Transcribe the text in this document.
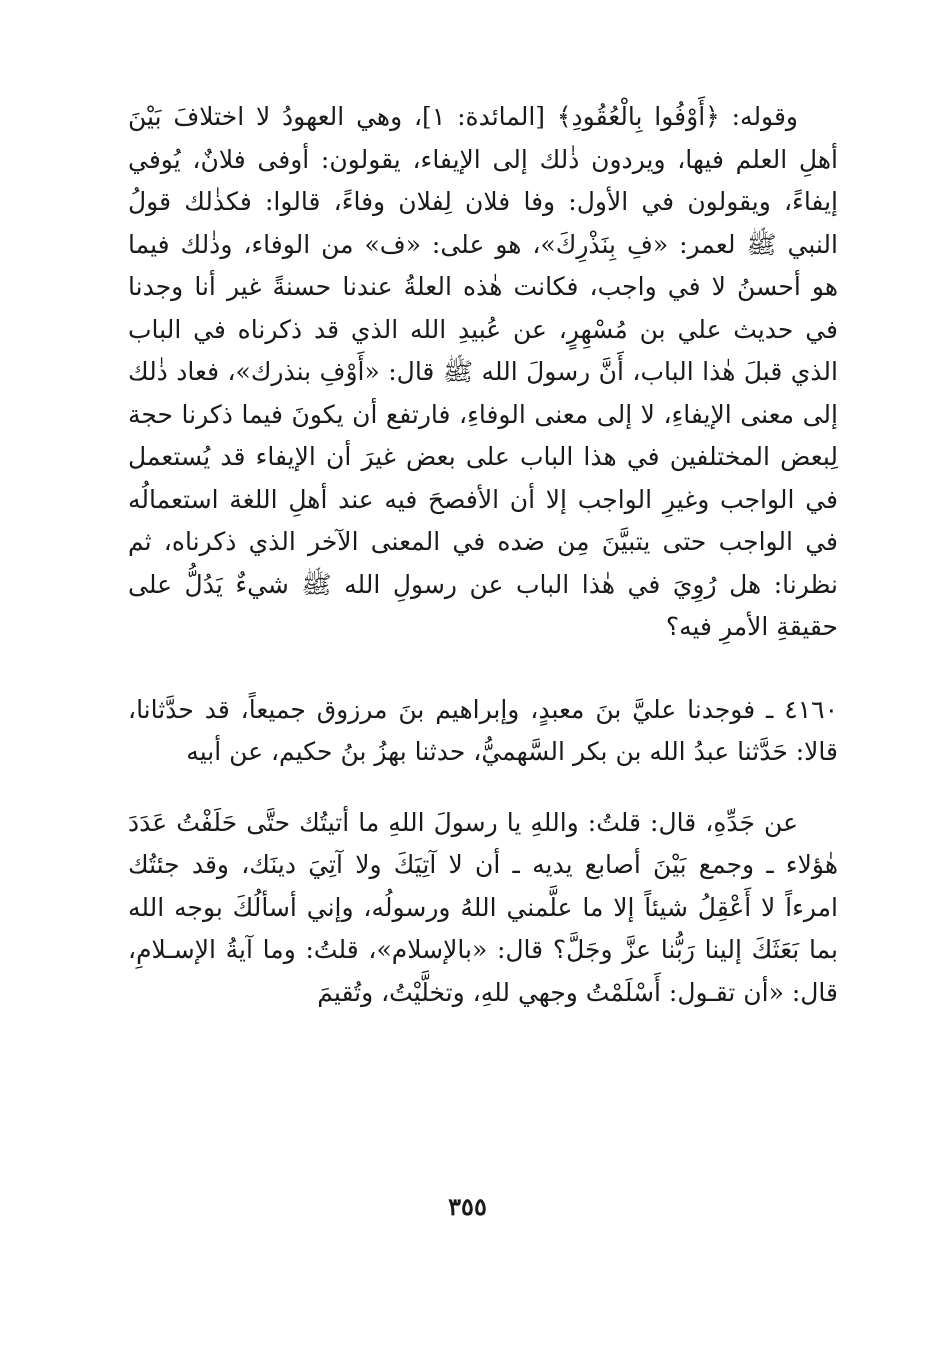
وقوله: ﴿أَوْفُوا بِالْعُقُودِ﴾ [المائدة: ١]، وهي العهودُ لا اختلافَ بَيْنَ أهلِ العلم فيها، ويردون ذٰلك إلى الإيفاء، يقولون: أوفى فلانٌ، يُوفي إيفاءً، ويقولون في الأول: وفا فلان لِفلان وفاءً، قالوا: فكذٰلك قولُ النبي ﷺ لعمر: «فِ بِنَذْرِكَ»، هو على: «ف» من الوفاء، وذٰلك فيما هو أحسنُ لا في واجب، فكانت هٰذه العلةُ عندنا حسنةً غير أنا وجدنا في حديث علي بن مُسْهِرٍ، عن عُبيدِ الله الذي قد ذكرناه في الباب الذي قبلَ هٰذا الباب، أَنَّ رسولَ الله ﷺ قال: «أَوْفِ بنذرك»، فعاد ذٰلك إلى معنى الإيفاءِ، لا إلى معنى الوفاءِ، فارتفع أن يكونَ فيما ذكرنا حجة لِبعض المختلفين في هذا الباب على بعض غيرَ أن الإيفاء قد يُستعمل في الواجب وغيرِ الواجب إلا أن الأفصحَ فيه عند أهلِ اللغة استعمالُه في الواجب حتى يتبيَّنَ مِن ضده في المعنى الآخر الذي ذكرناه، ثم نظرنا: هل رُوِيَ في هٰذا الباب عن رسولِ الله ﷺ شيءٌ يَدُلُّ على حقيقةِ الأمرِ فيه؟

٤١٦٠ ـ فوجدنا عليَّ بنَ معبدٍ، وإبراهيم بنَ مرزوق جميعاً، قد حدَّثانا، قالا: حَدَّثنا عبدُ الله بن بكر السَّهميُّ، حدثنا بهزُ بنُ حكيم، عن أبيه

عن جَدِّهِ، قال: قلتُ: واللهِ يا رسولَ اللهِ ما أتيتُك حتَّى حَلَفْتُ عَدَدَ هٰؤلاء ـ وجمع بَيْنَ أصابع يديه ـ أن لا آتِيَكَ ولا آتِيَ دينَك، وقد جئتُك امرءاً لا أَعْقِلُ شيئاً إلا ما علَّمني اللهُ ورسولُه، وإني أسألُكَ بوجه الله بما بَعَثَكَ إلينا رَبُّنا عزَّ وجَلَّ؟ قال: «بالإسلام»، قلتُ: وما آيةُ الإسـلامِ، قال: «أن تقـول: أَسْلَمْتُ وجهي للهِ، وتخلَّيْتُ، وتُقيمَ

٣٥٥
